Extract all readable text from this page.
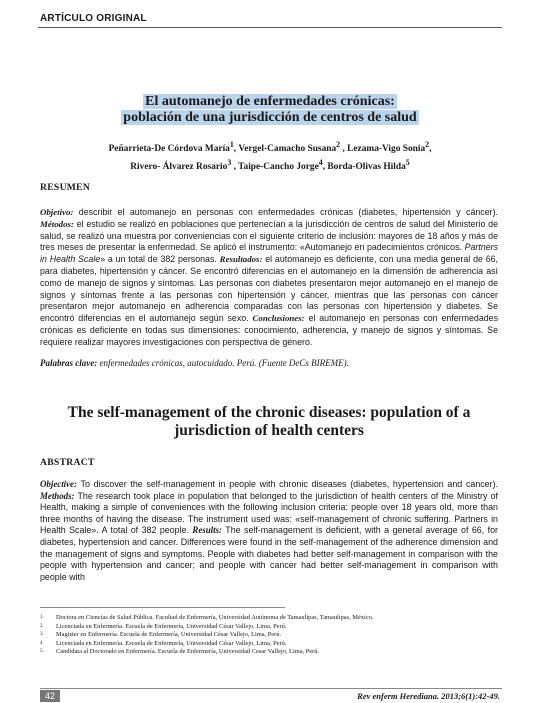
ARTÍCULO ORIGINAL
El automanejo de enfermedades crónicas:
población de una jurisdicción de centros de salud
Peñarrieta-De Córdova María$^1$, Vergel-Camacho Susana$^2$ , Lezama-Vigo Sonia$^2$,
Rivero- Álvarez Rosario$^3$ , Taipe-Cancho Jorge$^4$, Borda-Olivas Hilda$^5$
RESUMEN
Objetivo: describir el automanejo en personas con enfermedades crónicas (diabetes, hipertensión y cáncer). Métodos: el estudio se realizó en poblaciones que pertenecían a la jurisdicción de centros de salud del Ministerio de salud, se realizó una muestra por conveniencias con el siguiente criterio de inclusión: mayores de 18 años y más de tres meses de presentar la enfermedad. Se aplicó el instrumento: «Automanejo en padecimientos crónicos. Partners in Health Scale» a un total de 382 personas. Resultados: el automanejo es deficiente, con una media general de 66, para diabetes, hipertensión y cáncer. Se encontró diferencias en el automanejo en la dimensión de adherencia así como de manejo de signos y síntomas. Las personas con diabetes presentaron mejor automanejo en el manejo de signos y síntomas frente a las personas con hipertensión y cáncer, mientras que las personas con cáncer presentaron mejor automanejo en adherencia comparadas con las personas con hipertensión y diabetes. Se encontró diferencias en el automanejo según sexo. Conclusiones: el automanejo en personas con enfermedades crónicas es deficiente en todas sus dimensiones: conocimiento, adherencia, y manejo de signos y síntomas. Se requiere realizar mayores investigaciones con perspectiva de género.
Palabras clave: enfermedades crónicas, autocuidado. Perú. (Fuente DeCs BIREME).
The self-management of the chronic diseases: population of a jurisdiction of health centers
ABSTRACT
Objective: To discover the self-management in people with chronic diseases (diabetes, hypertension and cancer). Methods: The research took place in population that belonged to the jurisdiction of health centers of the Ministry of Health, making a simple of conveniences with the following inclusion criteria: people over 18 years old, more than three months of having the disease. The instrument used was: «self-management of chronic suffering. Partners in Health Scale». A total of 382 people. Results: The self-management is deficient, with a general average of 66, for diabetes, hypertension and cancer. Differences were found in the self-management of the adherence dimension and the management of signs and symptoms. People with diabetes had better self-management in comparison with the people with hypertension and cancer; and people with cancer had better self-management in comparison with people with
1.	Doctora en Ciencias de Salud Pública. Facultad de Enfermería, Universidad Autónoma de Tamaulipas, Tamaulipas, México.
2.	Licenciada en Enfermería. Escuela de Enfermería, Universidad César Vallejo, Lima, Perú.
3.	Magister en Enfermería. Escuela de Enfermería, Universidad César Vallejo, Lima, Perú.
4.	Licenciada en Enfermería. Escuela de Enfermería, Universidad César Vallejo, Lima, Perú.
5.	Candidata al Doctorado en Enfermería. Escuela de Enfermería, Universidad Cesar Vallejo, Lima, Perú.
42	Rev enferm Herediana. 2013;6(1):42-49.
